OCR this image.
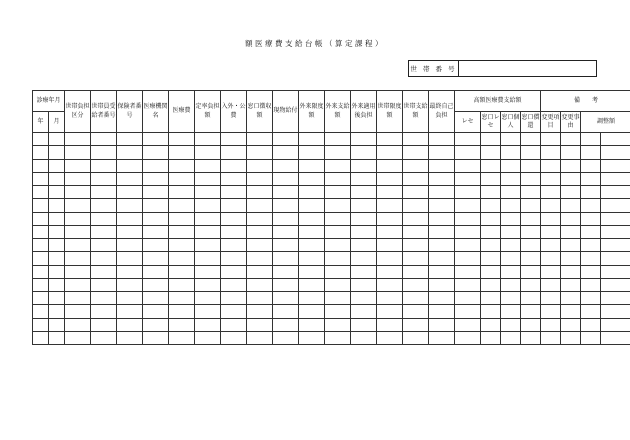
額医療費支給台帳（算定課程）
世 帯 番 号
診療年月		世帯負担区分	世帯員受給者番号	保険者番号	医療機関名	医療費	定率負担額	入外・公費	窓口徴収額	現物給付	外来限度額	外来支給額	外来適用後負担	世帯限度額	世帯支給額	最終自己負担	高額医療費支給額				備　　考			
年	月																レセ	窓口レセ	窓口個人	窓口償還	変更項目	変更事由	調整額	
